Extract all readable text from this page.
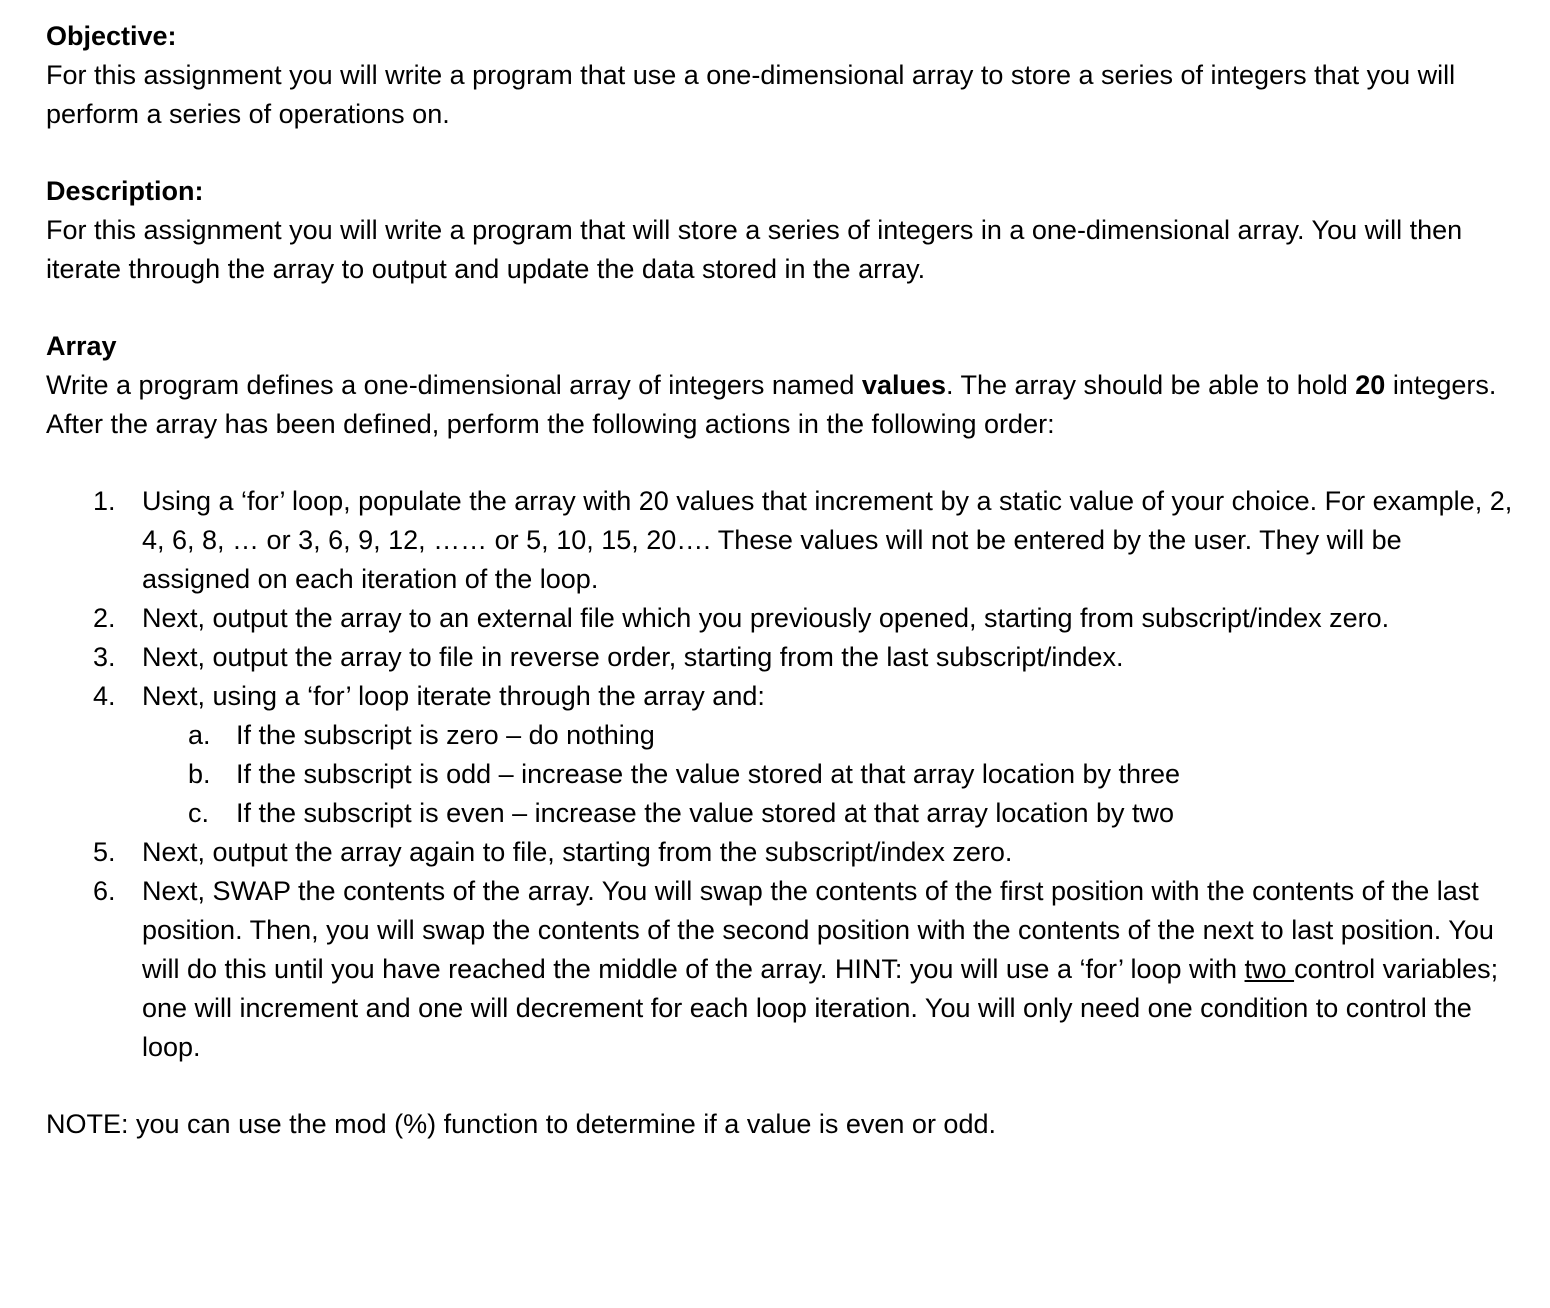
Objective:
For this assignment you will write a program that use a one-dimensional array to store a series of integers that you will perform a series of operations on.
Description:
For this assignment you will write a program that will store a series of integers in a one-dimensional array. You will then iterate through the array to output and update the data stored in the array.
Array
Write a program defines a one-dimensional array of integers named values. The array should be able to hold 20 integers. After the array has been defined, perform the following actions in the following order:
1. Using a ‘for’ loop, populate the array with 20 values that increment by a static value of your choice. For example, 2, 4, 6, 8, … or 3, 6, 9, 12, …… or 5, 10, 15, 20…. These values will not be entered by the user. They will be assigned on each iteration of the loop.
2. Next, output the array to an external file which you previously opened, starting from subscript/index zero.
3. Next, output the array to file in reverse order, starting from the last subscript/index.
4. Next, using a ‘for’ loop iterate through the array and:
a. If the subscript is zero – do nothing
b. If the subscript is odd – increase the value stored at that array location by three
c. If the subscript is even – increase the value stored at that array location by two
5. Next, output the array again to file, starting from the subscript/index zero.
6. Next, SWAP the contents of the array. You will swap the contents of the first position with the contents of the last position. Then, you will swap the contents of the second position with the contents of the next to last position. You will do this until you have reached the middle of the array. HINT: you will use a ‘for’ loop with two control variables; one will increment and one will decrement for each loop iteration. You will only need one condition to control the loop.
NOTE: you can use the mod (%) function to determine if a value is even or odd.
